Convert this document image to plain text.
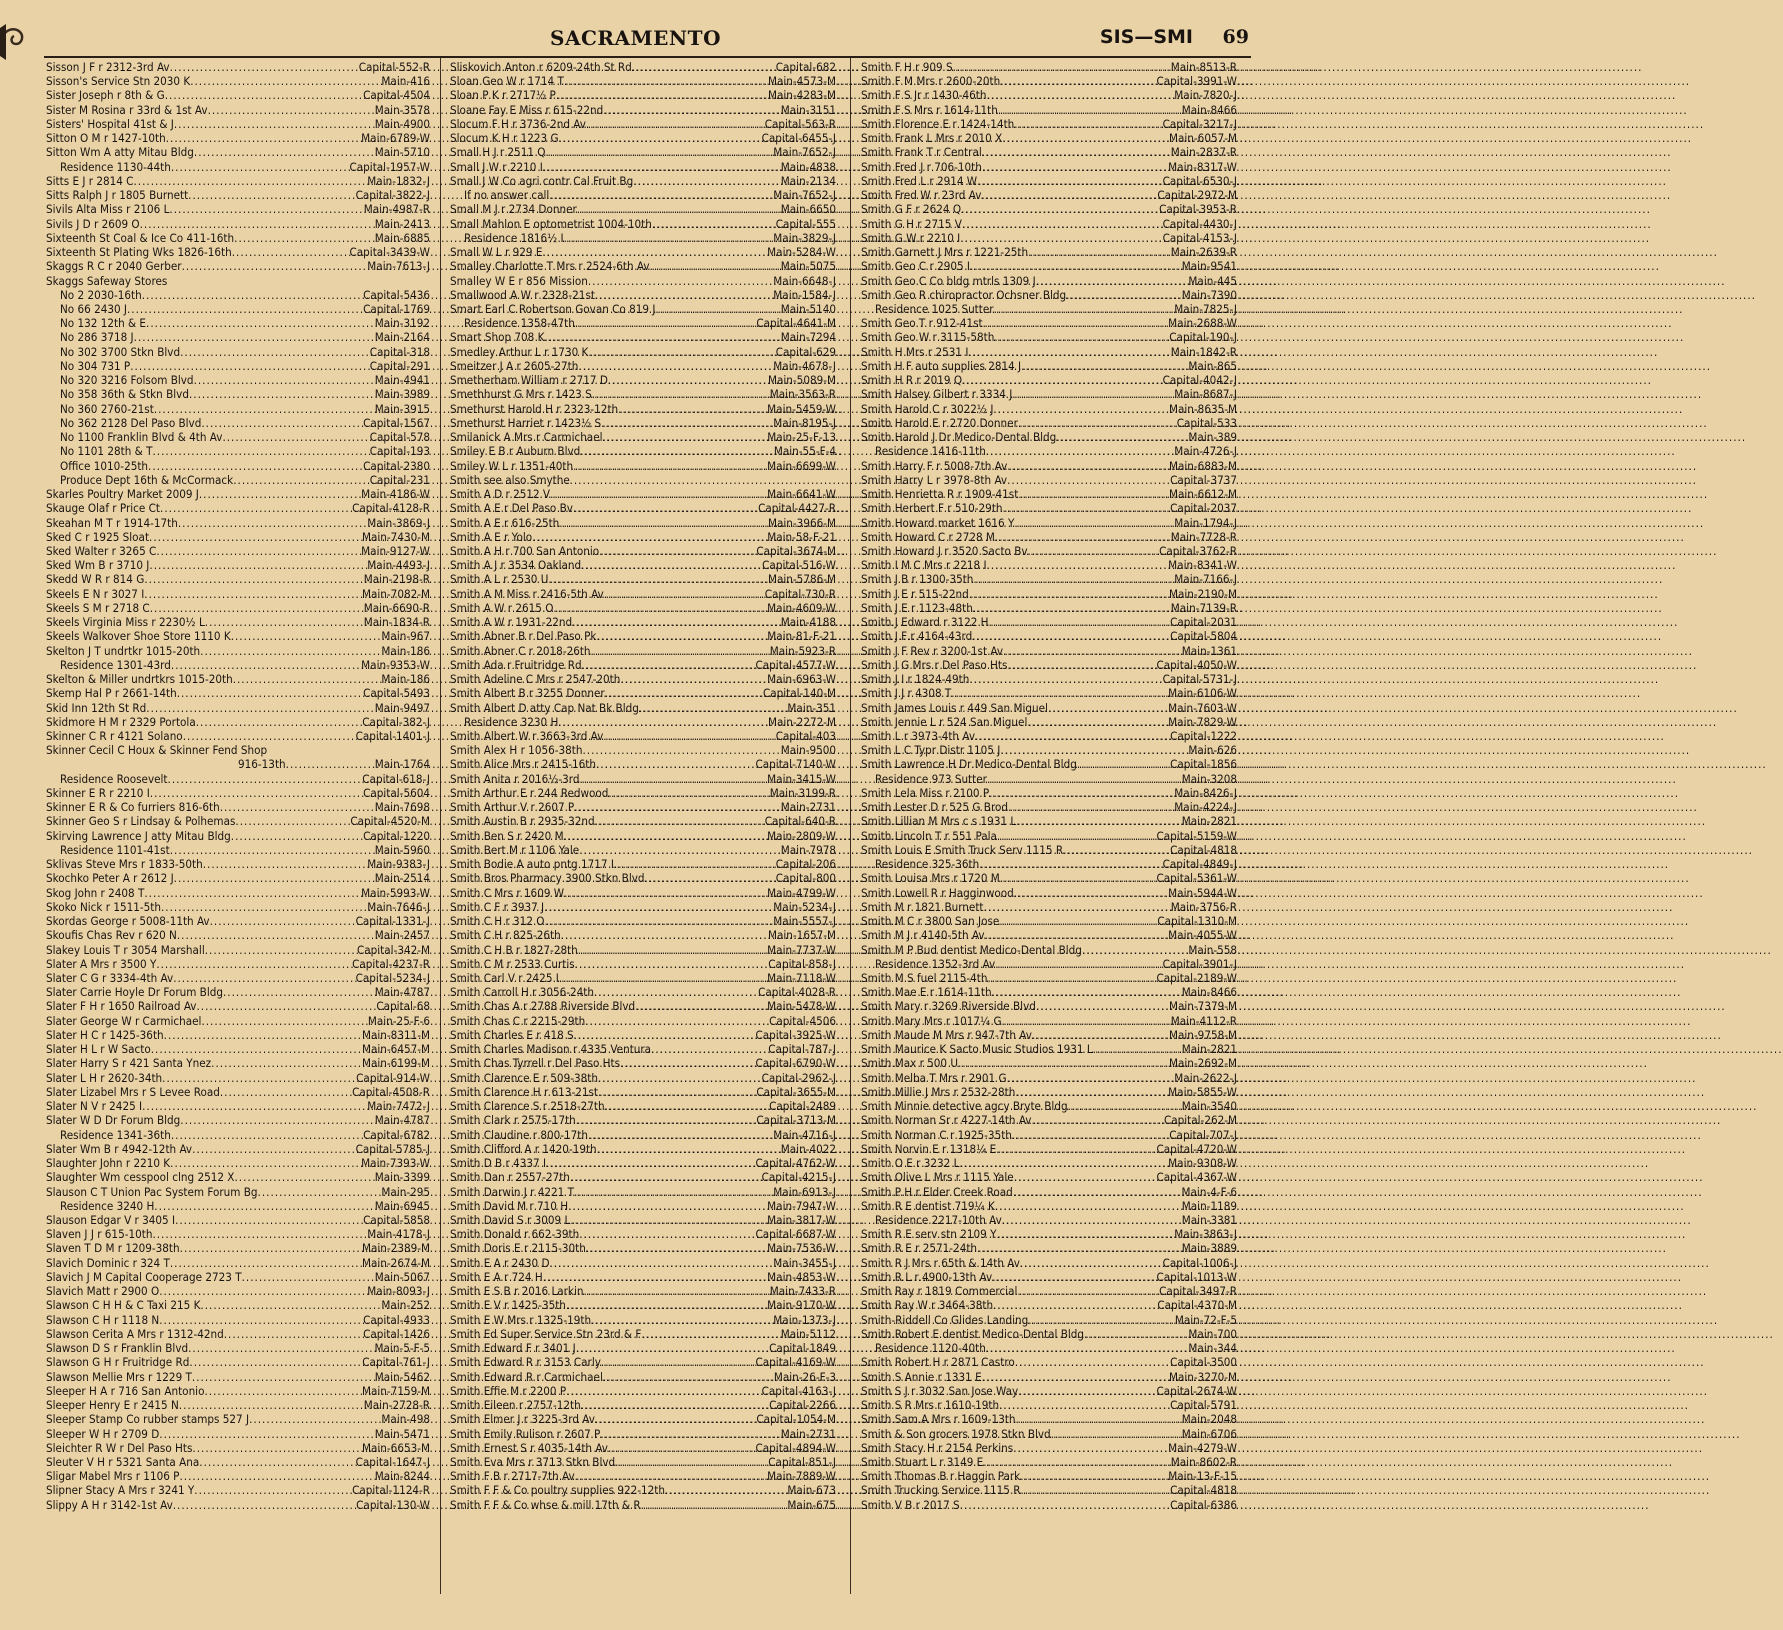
SACRAMENTO	SIS—SMI 69
Sisson J F r 2312-3rd Av .....	Capital-552-R
Sisson's Service Stn 2030 K .....	Main-416
Sister Joseph r 8th & G .....	Capital-4504
Sister M Rosina r 33rd & 1st Av .....	Main-3578
Sisters' Hospital 41st & J .....	Main-4900
Sitton O M r 1427-10th .....	Main-6789-W
Sitton Wm A atty Mitau Bldg .....	Main-5710
Residence 1130-44th .....	Capital-1957-W
Sitts E J r 2814 C .....	Main-1832-J
Sitts Ralph J r 1805 Burnett .....	Capital-3822-J
Sivils Alta Miss r 2106 L .....	Main-4987-R
Sivils J D r 2609 O .....	Main-2413
Sixteenth St Coal & Ice Co 411-16th .....	Main-6885
Sixteenth St Plating Wks 1826-16th .....	Capital-3439-W
Skaggs R C r 2040 Gerber .....	Main-7613-J
Skaggs Safeway Stores
No 2 2030-16th .....	Capital-5436
No 66 2430 J .....	Capital-1769
No 132 12th & E .....	Main-3192
No 286 3718 J .....	Main-2164
No 302 3700 Stkn Blvd .....	Capital-318
No 304 731 P .....	Capital-291
No 320 3216 Folsom Blvd .....	Main-4941
No 358 36th & Stkn Blvd .....	Main-3989
No 360 2760-21st .....	Main-3915
No 362 2128 Del Paso Blvd .....	Capital-1567
No 1100 Franklin Blvd & 4th Av .....	Capital-578
No 1101 28th & T .....	Capital-193
Office 1010-25th .....	Capital-2380
Produce Dept 16th & McCormack .....	Capital-231
Skarles Poultry Market 2009 J .....	Main-4186-W
Skauge Olaf r Price Ct .....	Capital-4128-R
Skeahan M T r 1914-17th .....	Main-3869-J
Sked C r 1925 Sloat .....	Main-7430-M
Sked Walter r 3265 C .....	Main-9127-W
Sked Wm B r 3710 J .....	Main-4493-J
Skedd W R r 814 G .....	Main-2198-R
Skeels E N r 3027 I .....	Main-7082-M
Skeels S M r 2718 C .....	Main-6690-R
Skeels Virginia Miss r 2230½ L .....	Main-1834-R
Skeels Walkover Shoe Store 1110 K .....	Main-967
Skelton J T undrtkr 1015-20th .....	Main-186
Residence 1301-43rd .....	Main-9353-W
Skelton & Miller undrtkrs 1015-20th .....	Main-186
Skemp Hal P r 2661-14th .....	Capital-5493
Skid Inn 12th St Rd .....	Main-9497
Skidmore H M r 2329 Portola .....	Capital-382-J
Skinner C R r 4121 Solano .....	Capital-1401-J
Skinner Cecil C Houx & Skinner Fend Shop
916-13th .....	Main-1764
Residence Roosevelt .....	Capital-618-J
Skinner E R r 2210 I .....	Capital-5604
Skinner E R & Co furriers 816-6th .....	Main-7698
Skinner Geo S r Lindsay & Polhemas .....	Capital-4520-M
Skirving Lawrence J atty Mitau Bldg .....	Capital-1220
Residence 1101-41st .....	Main-5960
Sklivas Steve Mrs r 1833-50th .....	Main-9383-J
Skochko Peter A r 2612 J .....	Main-2514
Skog John r 2408 T .....	Main-5993-W
Skoko Nick r 1511-5th .....	Main-7646-J
Skordas George r 5008-11th Av .....	Capital-1331-J
Skoufis Chas Rev r 620 N .....	Main-2457
Slakey Louis T r 3054 Marshall .....	Capital-342-M
Slater A Mrs r 3500 Y .....	Capital-4237-R
Slater C G r 3334-4th Av .....	Capital-5234-J
Slater Carrie Hoyle Dr Forum Bldg .....	Main-4787
Slater F H r 1650 Railroad Av .....	Capital-68
Slater George W r Carmichael .....	Main-25-F-6
Slater H C r 1425-36th .....	Main-8311-M
Slater H L r W Sacto .....	Main-6457-M
Slater Harry S r 421 Santa Ynez .....	Main-6199-M
Slater L H r 2620-34th .....	Capital-914-W
Slater Lizabel Mrs r S Levee Road .....	Capital-4508-R
Slater N V r 2425 I .....	Main-7472-J
Slater W D Dr Forum Bldg .....	Main-4787
Residence 1341-36th .....	Capital-6782
Slater Wm B r 4942-12th Av .....	Capital-5785-J
Slaughter John r 2210 K .....	Main-7393-W
Slaughter Wm cesspool clng 2512 X .....	Main-3399
Slauson C T Union Pac System Forum Bg .....	Main-295
Residence 3240 H .....	Main-6945
Slauson Edgar V r 3405 I .....	Capital-5858
Slaven J J r 615-10th .....	Main-4178-J
Slaven T D M r 1209-38th .....	Main-2389-M
Slavich Dominic r 324 T .....	Main-2674-M
Slavich J M Capital Cooperage 2723 T .....	Main-5067
Slavich Matt r 2900 O .....	Main-8093-J
Slawson C H H & C Taxi 215 K .....	Main-252
Slawson C H r 1118 N .....	Capital-4933
Slawson Cerita A Mrs r 1312-42nd .....	Capital-1426
Slawson D S r Franklin Blvd .....	Main-5-F-5
Slawson G H r Fruitridge Rd .....	Capital-761-J
Slawson Mellie Mrs r 1229 T .....	Main-5462
Sleeper H A r 716 San Antonio .....	Main-7159-M
Sleeper Henry E r 2415 N .....	Main-2728-R
Sleeper Stamp Co rubber stamps 527 J .....	Main-498
Sleeper W H r 2709 D .....	Main-5471
Sleichter R W r Del Paso Hts .....	Main-6653-M
Sleuter V H r 5321 Santa Ana .....	Capital-1647-J
Sligar Mabel Mrs r 1106 P .....	Main-8244
Slipner Stacy A Mrs r 3241 Y .....	Capital-1124-R
Slippy A H r 3142-1st Av .....	Capital-130-W
Sliskovich Anton r 6209-24th St Rd .....	Capital-682
Sloan Geo W r 1714 T .....	Main-4573-M
Sloan P K r 2717½ P .....	Main-4283-M
Sloane Fay E Miss r 615-22nd .....	Main-3151
Slocum F H r 3736-2nd Av .....	Capital-563-R
Slocum K H r 1223 G .....	Capital-6455-J
Small H J r 2511 Q .....	Main-7652-J
Small J W r 2210 I .....	Main-4838
Small J W Co agri contr Cal Fruit Bg .....	Main-2134
If no answer call .....	Main-7652-J
Small M J r 2734 Donner .....	Main-6650
Small Mahlon E optometrist 1004-10th .....	Capital-555
Residence 1816½ I .....	Main-3829-J
Small W L r 929 E .....	Main-5284-W
Smalley Charlotte T Mrs r 2524-6th Av .....	Main-5075
Smalley W E r 856 Mission .....	Main-6648-J
Smallwood A W r 2328-21st .....	Main-1584-J
Smart Earl C Robertson Govan Co 819 J .....	Main-5140
Residence 1358-47th .....	Capital-4641-M
Smart Shop 708 K .....	Main-7294
Smedley Arthur L r 1730 K .....	Capital-629
Smeitzer J A r 2605-27th .....	Main-4678-J
Smetherham William r 2717 D .....	Main-5089-M
Smethhurst G Mrs r 1423 S .....	Main-3563-R
Smethurst Harold H r 2323-12th .....	Main-5459-W
Smethurst Harriet r 1423½ S .....	Main-8195-J
Smilanick A Mrs r Carmichael .....	Main-25-F-13
Smiley E B r Auburn Blvd .....	Main-55-F-4
Smiley W L r 1351-40th .....	Main-6699-W
Smith see also Smythe
Smith A D r 2512 V .....	Main-6641-W
Smith A E r Del Paso Bv .....	Capital-4427-R
Smith A E r 616-25th .....	Main-3966-M
Smith A E r Yolo .....	Main-58-F-21
Smith A H r 700 San Antonio .....	Capital-3674-M
Smith A J r 3534 Oakland .....	Capital-516-W
Smith A L r 2530 U .....	Main-5786-M
Smith A M Miss r 2416-5th Av .....	Capital-730-R
Smith A W r 2615 O .....	Main-4609-W
Smith A W r 1931-22nd .....	Main-4188
Smith Abner B r Del Paso Pk .....	Main-81-F-21
Smith Abner C r 2018-26th .....	Main-5923-R
Smith Ada r Fruitridge Rd .....	Capital-4577-W
Smith Adeline C Mrs r 2547-20th .....	Main-6963-W
Smith Albert B r 3255 Donner .....	Capital-140-M
Smith Albert D atty Cap Nat Bk Bldg .....	Main-351
Residence 3230 H .....	Main-2272-M
Smith Albert W r 3663-3rd Av .....	Capital-403
Smith Alex H r 1056-38th .....	Main-9500
Smith Alice Mrs r 2415-16th .....	Capital-7140-W
Smith Anita r 2016½-3rd .....	Main-3415-W
Smith Arthur E r 244 Redwood .....	Main-3199-R
Smith Arthur V r 2607 P .....	Main-2731
Smith Austin B r 2935-32nd .....	Capital-640-R
Smith Ben S r 2420 M .....	Main-2809-W
Smith Bert M r 1106 Yale .....	Main-7978
Smith Bodie A auto pntg 1717 I .....	Capital-206
Smith Bros Pharmacy 3900 Stkn Blvd .....	Capital-800
Smith C Mrs r 1609 W .....	Main-4799-W
Smith C F r 3937 J .....	Main-5234-J
Smith C H r 312 O .....	Main-5557-J
Smith C H r 825-26th .....	Main-1657-M
Smith C H B r 1827-28th .....	Main-7737-W
Smith C M r 2533 Curtis .....	Capital-858-J
Smith Carl V r 2425 I .....	Main-7118-W
Smith Carroll H r 3056-24th .....	Capital-4028-R
Smith Chas A r 2788 Riverside Blvd .....	Main-5478-W
Smith Chas C r 2215-29th .....	Capital-4506
Smith Charles E r 418 S .....	Capital-3925-W
Smith Charles Madison r 4335 Ventura .....	Capital-787-J
Smith Chas Tyrrell r Del Paso Hts .....	Capital-6790-W
Smith Clarence E r 509-38th .....	Capital-2962-J
Smith Clarence H r 613-21st .....	Capital-3655-M
Smith Clarence S r 2518-27th .....	Capital-2489
Smith Clark r 2575-17th .....	Capital-3713-M
Smith Claudine r 800-17th .....	Main-4716-J
Smith Clifford A r 1420-19th .....	Main-4022
Smith D B r 4337 I .....	Capital-4762-W
Smith Dan r 2557-27th .....	Capital-4215-J
Smith Darwin J r 4221 T .....	Main-6913-J
Smith David M r 710 H .....	Main-7947-W
Smith David S r 3009 L .....	Main-3817-W
Smith Donald r 662-39th .....	Capital-6687-W
Smith Doris E r 2115-30th .....	Main-7536-W
Smith E A r 2430 D .....	Main-3455-J
Smith E A r 724 H .....	Main-4853-W
Smith E S B r 2016 Larkin .....	Main-7433-R
Smith E V r 1425-35th .....	Main-9170-W
Smith E W Mrs r 1325-19th .....	Main-1373-J
Smith Ed Super Service Stn 23rd & F .....	Main-5112
Smith Edward F r 3401 J .....	Capital-1849
Smith Edward R r 3153 Carly .....	Capital-4169-W
Smith Edward R r Carmichael .....	Main-26-F-3
Smith Effie M r 2200 P .....	Capital-4163-J
Smith Eileen r 2757-12th .....	Capital-2266
Smith Elmer J r 3225-3rd Av .....	Capital-1054-M
Smith Emily Rulison r 2607 P .....	Main-2731
Smith Ernest S r 4035-14th Av .....	Capital-4894-W
Smith Eva Mrs r 3713 Stkn Blvd .....	Capital-851-J
Smith F B r 2717-7th Av .....	Main-7889-W
Smith F F & Co poultry supplies 922-12th .....	Main-673
Smith F F & Co whse & mill 17th & R .....	Main-675
Smith F H r 909 S .....	Main-8513-R
Smith F M Mrs r 2600-20th .....	Capital-3991-W
Smith F S Jr r 1430-46th .....	Main-7820-J
Smith F S Mrs r 1614-11th .....	Main-8466
Smith Florence E r 1424-14th .....	Capital-3217-J
Smith Frank L Mrs r 2010 X .....	Main-6057-M
Smith Frank T r Central .....	Main-2837-R
Smith Fred J r 706-10th .....	Main-8317-W
Smith Fred L r 2914 W .....	Capital-6530-J
Smith Fred W r 23rd Av .....	Capital-2972-M
Smith G F r 2624 Q .....	Capital-3953-R
Smith G H r 2715 V .....	Capital-4430-J
Smith G W r 2210 I .....	Capital-4153-J
Smith Garnett J Mrs r 1221-25th .....	Main-2639-R
Smith Geo C r 2905 I .....	Main-9541
Smith Geo C Co bldg mtrls 1309 J .....	Main-445
Smith Geo R chiropractor Ochsner Bldg .....	Main-7390
Residence 1025 Sutter .....	Main-7825-J
Smith Geo T r 912-41st .....	Main-2688-W
Smith Geo W r 3115-58th .....	Capital-190-J
Smith H Mrs r 2531 I .....	Main-1842-R
Smith H F auto supplies 2814 J .....	Main-865
Smith H R r 2019 Q .....	Capital-4042-J
Smith Halsey Gilbert r 3334 J .....	Main-8687-J
Smith Harold C r 3022½ J .....	Main-8635-M
Smith Harold E r 2720 Donner .....	Capital-533
Smith Harold J Dr Medico-Dental Bldg .....	Main-389
Residence 1416-11th .....	Main-4726-J
Smith Harry F r 5008-7th Av .....	Main-6883-M
Smith Harry L r 3978-8th Av .....	Capital-3737
Smith Henrietta R r 1909-41st .....	Main-6612-M
Smith Herbert F r 510-29th .....	Capital-2037
Smith Howard market 1616 Y .....	Main-1794-J
Smith Howard C r 2728 M .....	Main-7728-R
Smith Howard J r 3520 Sacto Bv .....	Capital-3762-R
Smith I M C Mrs r 2218 I .....	Main-8341-W
Smith J B r 1300-35th .....	Main-7166-J
Smith J E r 515-22nd .....	Main-2190-M
Smith J E r 1123-48th .....	Main-7139-R
Smith J Edward r 3122 H .....	Capital-2031
Smith J F r 4164-43rd .....	Capital-5804
Smith J F Rev r 3200-1st Av .....	Main-1361
Smith J G Mrs r Del Paso Hts .....	Capital-4050-W
Smith J I r 1824-49th .....	Capital-5731-J
Smith J J r 4308 T .....	Main-6106-W
Smith James Louis r 449 San Miguel .....	Main-7603-W
Smith Jennie L r 524 San Miguel .....	Main-7829-W
Smith L r 3973-4th Av .....	Capital-1222
Smith L C Typr Distr 1105 J .....	Main-626
Smith Lawrence H Dr Medico-Dental Bldg .....	Capital-1856
Residence 973 Sutter .....	Main-3208
Smith Lela Miss r 2100 P .....	Main-8426-J
Smith Lester D r 525 G Brod .....	Main-4224-J
Smith Lillian M Mrs c s 1931 L .....	Main-2821
Smith Lincoln T r 551 Pala .....	Capital-5159-W
Smith Louis E Smith Truck Serv 1115 R .....	Capital-4818
Residence 325-36th .....	Capital-4849-J
Smith Louisa Mrs r 1720 M .....	Capital-5361-W
Smith Lowell R r Hagginwood .....	Main-5944-W
Smith M r 1821 Burnett .....	Main-3756-R
Smith M C r 3800 San Jose .....	Capital-1310-M
Smith M J r 4140-5th Av .....	Main-4055-W
Smith M P Bud dentist Medico-Dental Bldg .....	Main-558
Residence 1352-3rd Av .....	Capital-3901-J
Smith M S fuel 2115-4th .....	Capital-2189-W
Smith Mae E r 1614-11th .....	Main-8466
Smith Mary r 3269 Riverside Blvd .....	Main-7379-M
Smith Mary Mrs r 1017¼ G .....	Main-4112-R
Smith Maude M Mrs r 947-7th Av .....	Main-9758-M
Smith Maurice K Sacto Music Studios 1931 L .....	Main-2821
Smith Max r 500 U .....	Main-2692-M
Smith Melba T Mrs r 2901 G .....	Main-2622-J
Smith Millie J Mrs r 2532-28th .....	Main-5855-W
Smith Minnie detective agcy Bryte Bldg .....	Main-3540
Smith Norman Sr r 4227-14th Av .....	Capital-262-M
Smith Norman C r 1925-35th .....	Capital-707-J
Smith Norvin E r 1318¼ E .....	Capital-4720-W
Smith O E r 3232 L .....	Main-9308-W
Smith Olive L Mrs r 1115 Yale .....	Capital-4367-W
Smith P H r Elder Creek Road .....	Main-4-F-6
Smith R E dentist 719¼ K .....	Main-1189
Residence 2217-10th Av .....	Main-3381
Smith R E serv stn 2109 Y .....	Main-3863-J
Smith R E r 2571-24th .....	Main-3889
Smith R J Mrs r 65th & 14th Av .....	Capital-1006-J
Smith R L r 4900-13th Av .....	Capital-1013-W
Smith Ray r 1819 Commercial .....	Capital-3497-R
Smith Ray W r 3464-38th .....	Capital-4370-M
Smith-Riddell Co Glides Landing .....	Main-72-F-5
Smith Robert E dentist Medico-Dental Bldg .....	Main-700
Residence 1120-40th .....	Main-344
Smith Robert H r 2871 Castro .....	Capital-3500
Smith S Annie r 1331 E .....	Main-3270-M
Smith S J r 3032 San Jose Way .....	Capital-2674-W
Smith S R Mrs r 1610-19th .....	Capital-5791
Smith Sam A Mrs r 1609-13th .....	Main-2048
Smith & Son grocers 1978 Stkn Blvd .....	Main-6706
Smith Stacy H r 2154 Perkins .....	Main-4279-W
Smith Stuart L r 3149 E .....	Main-8602-R
Smith Thomas B r Haggin Park .....	Main-13-F-15
Smith Trucking Service 1115 R .....	Capital-4818
Smith V B r 2017 S .....	Capital-6386
